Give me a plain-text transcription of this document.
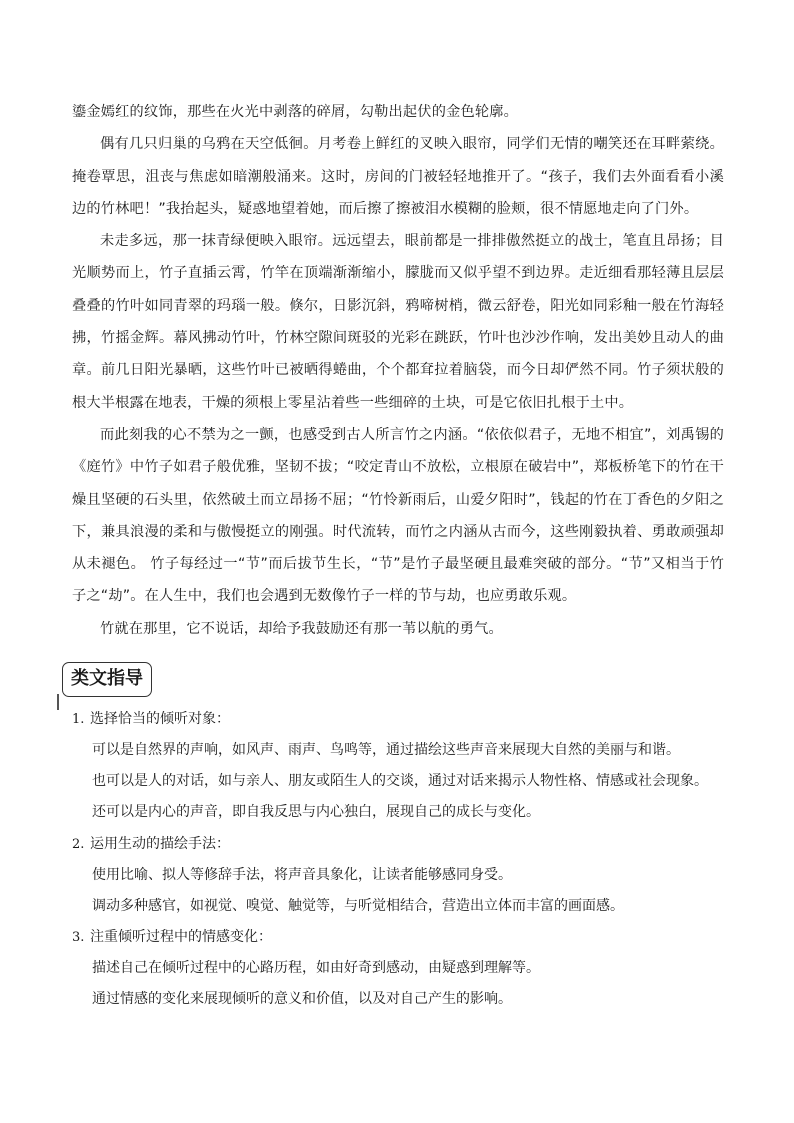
鎏金嫣红的纹饰，那些在火光中剥落的碎屑，勾勒出起伏的金色轮廓。

偶有几只归巢的乌鸦在天空低徊。月考卷上鲜红的叉映入眼帘，同学们无情的嘲笑还在耳畔萦绕。掩卷覃思，沮丧与焦虑如暗潮般涌来。这时，房间的门被轻轻地推开了。“孩子，我们去外面看看小溪边的竹林吧！”我抬起头，疑惑地望着她，而后擦了擦被泪水模糊的脸颊，很不情愿地走向了门外。

未走多远，那一抹青绿便映入眼帘。远远望去，眼前都是一排排傲然挺立的战士，笔直且昂扬；目光顺势而上，竹子直插云霄，竹竿在顶端渐渐缩小，朦胧而又似乎望不到边界。走近细看那轻薄且层层叠叠的竹叶如同青翠的玛瑙一般。倏尔，日影沉斜，鸦啼树梢，微云舒卷，阳光如同彩釉一般在竹海轻拂，竹摇金辉。幕风拂动竹叶，竹林空隙间斑驳的光彩在跳跃，竹叶也沙沙作响，发出美妙且动人的曲章。前几日阳光暴晒，这些竹叶已被晒得蜷曲，个个都耷拉着脑袋，而今日却俨然不同。竹子须状般的根大半根露在地表，干燥的须根上零星沾着些一些细碎的土块，可是它依旧扎根于土中。

而此刻我的心不禁为之一颤，也感受到古人所言竹之内涵。“依依似君子，无地不相宜”，刘禹锡的《庭竹》中竹子如君子般优雅，坚韧不拔；“咬定青山不放松，立根原在破岩中”，郑板桥笔下的竹在干燥且坚硬的石头里，依然破土而立昂扬不屈；“竹怜新雨后，山爱夕阳时”，钱起的竹在丁香色的夕阳之下，兼具浪漫的柔和与傲慢挺立的刚强。时代流转，而竹之内涵从古而今，这些刚毅执着、勇敢顽强却从未褪色。 竹子每经过一“节”而后拔节生长，“节”是竹子最坚硬且最难突破的部分。“节”又相当于竹子之“劫”。在人生中，我们也会遇到无数像竹子一样的节与劫，也应勇敢乐观。

竹就在那里，它不说话，却给予我鼓励还有那一苇以航的勇气。

类文指导

1. 选择恰当的倾听对象：

可以是自然界的声响，如风声、雨声、鸟鸣等，通过描绘这些声音来展现大自然的美丽与和谐。

也可以是人的对话，如与亲人、朋友或陌生人的交谈，通过对话来揭示人物性格、情感或社会现象。

还可以是内心的声音，即自我反思与内心独白，展现自己的成长与变化。

2. 运用生动的描绘手法：

使用比喻、拟人等修辞手法，将声音具象化，让读者能够感同身受。

调动多种感官，如视觉、嗅觉、触觉等，与听觉相结合，营造出立体而丰富的画面感。

3. 注重倾听过程中的情感变化：

描述自己在倾听过程中的心路历程，如由好奇到感动，由疑惑到理解等。

通过情感的变化来展现倾听的意义和价值，以及对自己产生的影响。
